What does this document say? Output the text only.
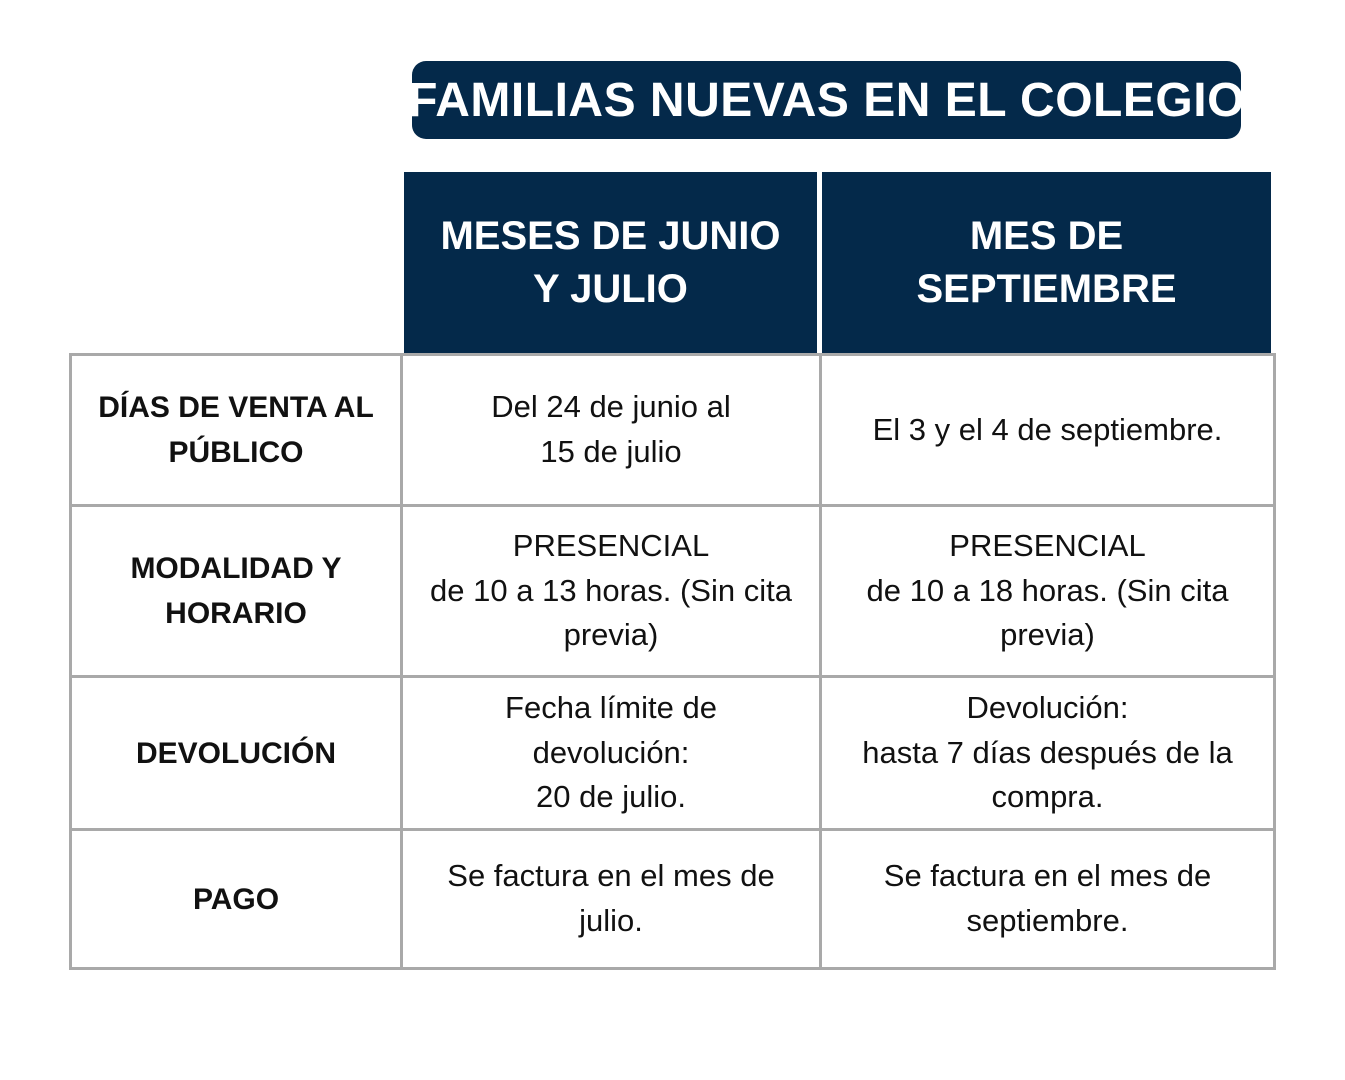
FAMILIAS NUEVAS EN EL COLEGIO
MESES DE JUNIO
Y JULIO
MES DE SEPTIEMBRE
DÍAS DE VENTA AL
PÚBLICO
Del 24 de junio al
15 de julio
El 3 y el 4 de septiembre.
MODALIDAD Y
HORARIO
PRESENCIAL
de 10 a 13 horas. (Sin cita
previa)
PRESENCIAL
de 10 a 18 horas. (Sin cita
previa)
DEVOLUCIÓN
Fecha límite de
devolución:
20 de julio.
Devolución:
hasta 7 días después de la
compra.
PAGO
Se factura en el mes de
julio.
Se factura en el mes de
septiembre.
